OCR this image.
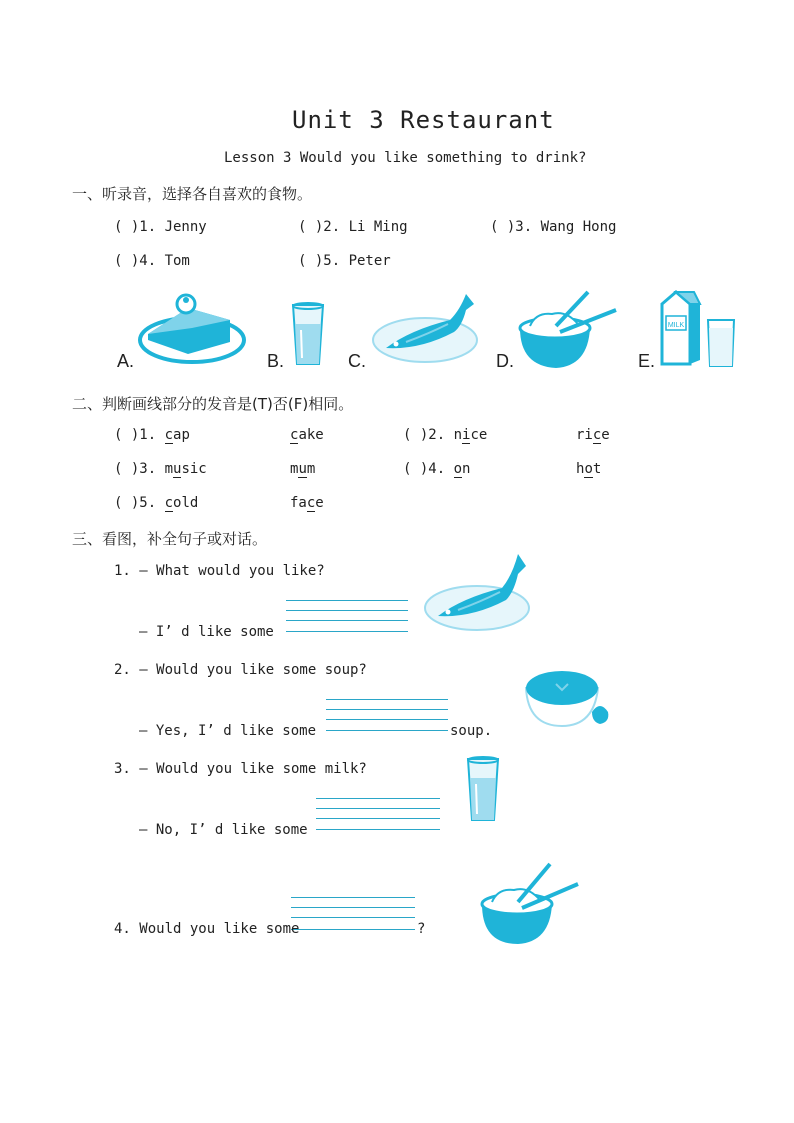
Unit 3 Restaurant
Lesson 3 Would you like something to drink?
一、听录音，选择各自喜欢的食物。
( )1. Jenny	( )2. Li Ming	( )3. Wang Hong
( )4. Tom	( )5. Peter
A.	B.	C.	D.	E.
MILK
二、判断画线部分的发音是(T)否(F)相同。
( )1. cap	cake	( )2. nice	rice
( )3. music	mum	( )4. on	hot
( )5. cold	face
三、看图，补全句子或对话。
1. — What would you like?
— I’ d like some
2. — Would you like some soup?
— Yes, I’ d like some	soup.
3. — Would you like some milk?
— No, I’ d like some
4. Would you like some	?
